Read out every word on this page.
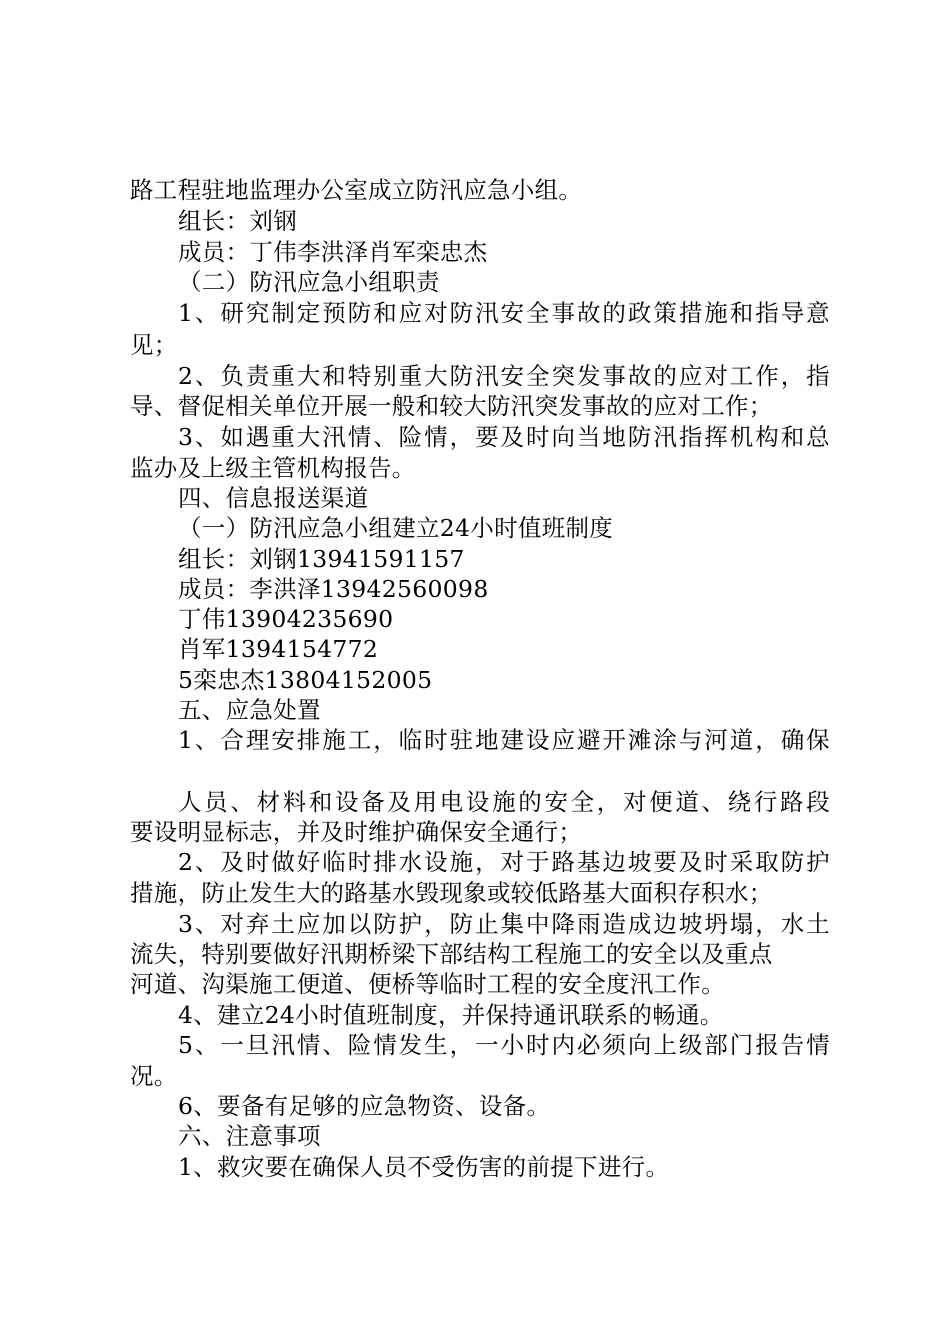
路工程驻地监理办公室成立防汛应急小组。
组长：刘钢
成员：丁伟李洪泽肖军栾忠杰
（二）防汛应急小组职责
1、研究制定预防和应对防汛安全事故的政策措施和指导意
见；
2、负责重大和特别重大防汛安全突发事故的应对工作，指
导、督促相关单位开展一般和较大防汛突发事故的应对工作；
3、如遇重大汛情、险情，要及时向当地防汛指挥机构和总
监办及上级主管机构报告。
四、信息报送渠道
（一）防汛应急小组建立24小时值班制度
组长：刘钢13941591157
成员：李洪泽13942560098
丁伟13904235690
肖军1394154772
5栾忠杰13804152005
五、应急处置
1、合理安排施工，临时驻地建设应避开滩涂与河道，确保
人员、材料和设备及用电设施的安全，对便道、绕行路段
要设明显标志，并及时维护确保安全通行；
2、及时做好临时排水设施，对于路基边坡要及时采取防护
措施，防止发生大的路基水毁现象或较低路基大面积存积水；
3、对弃土应加以防护，防止集中降雨造成边坡坍塌，水土
流失，特别要做好汛期桥梁下部结构工程施工的安全以及重点
河道、沟渠施工便道、便桥等临时工程的安全度汛工作。
4、建立24小时值班制度，并保持通讯联系的畅通。
5、一旦汛情、险情发生，一小时内必须向上级部门报告情
况。
6、要备有足够的应急物资、设备。
六、注意事项
1、救灾要在确保人员不受伤害的前提下进行。
